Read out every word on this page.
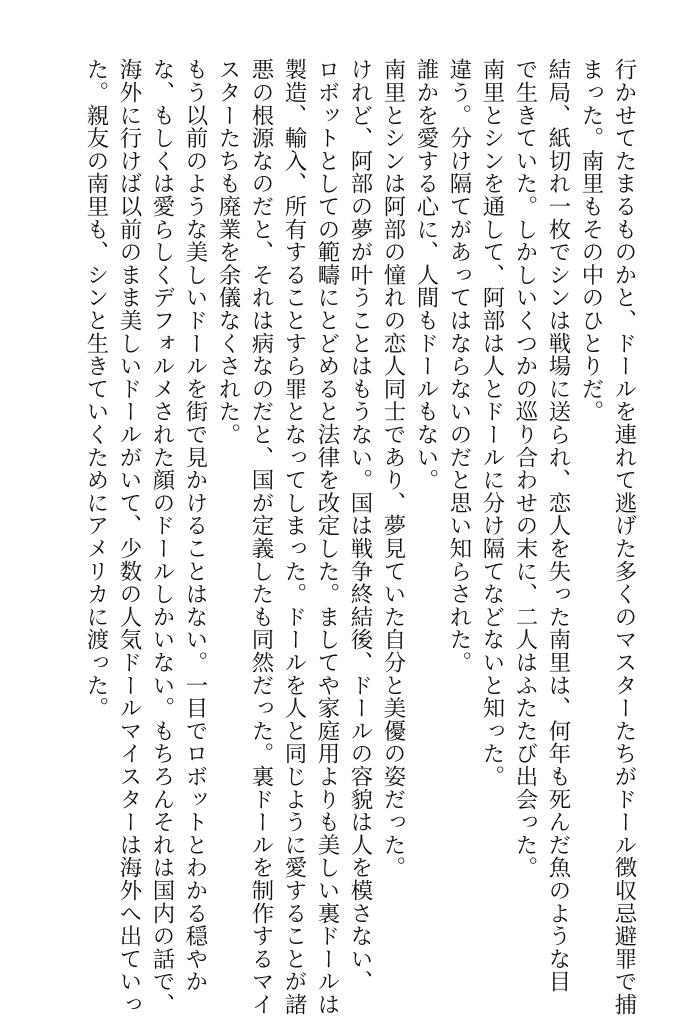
行かせてたまるものかと、ドールを連れて逃げた多くのマスターたちがドール徴収忌避罪で捕
まった。南里もその中のひとりだ。
結局、紙切れ一枚でシンは戦場に送られ、恋人を失った南里は、何年も死んだ魚のような目
で生きていた。しかしいくつかの巡り合わせの末に、二人はふたたび出会った。
南里とシンを通して、阿部は人とドールに分け隔てなどないと知った。
違う。分け隔てがあってはならないのだと思い知らされた。
誰かを愛する心に、人間もドールもない。
南里とシンは阿部の憧れの恋人同士であり、夢見ていた自分と美優の姿だった。
けれど、阿部の夢が叶うことはもうない。国は戦争終結後、ドールの容貌は人を模さない、
ロボットとしての範疇にとどめると法律を改定した。ましてや家庭用よりも美しい裏ドールは
製造、輸入、所有することすら罪となってしまった。ドールを人と同じように愛することが諸
悪の根源なのだと、それは病なのだと、国が定義したも同然だった。裏ドールを制作するマイ
スターたちも廃業を余儀なくされた。
もう以前のような美しいドールを街で見かけることはない。一目でロボットとわかる穏やか
な、もしくは愛らしくデフォルメされた顔のドールしかいない。もちろんそれは国内の話で、
海外に行けば以前のまま美しいドールがいて、少数の人気ドールマイスターは海外へ出ていっ
た。親友の南里も、シンと生きていくためにアメリカに渡った。
